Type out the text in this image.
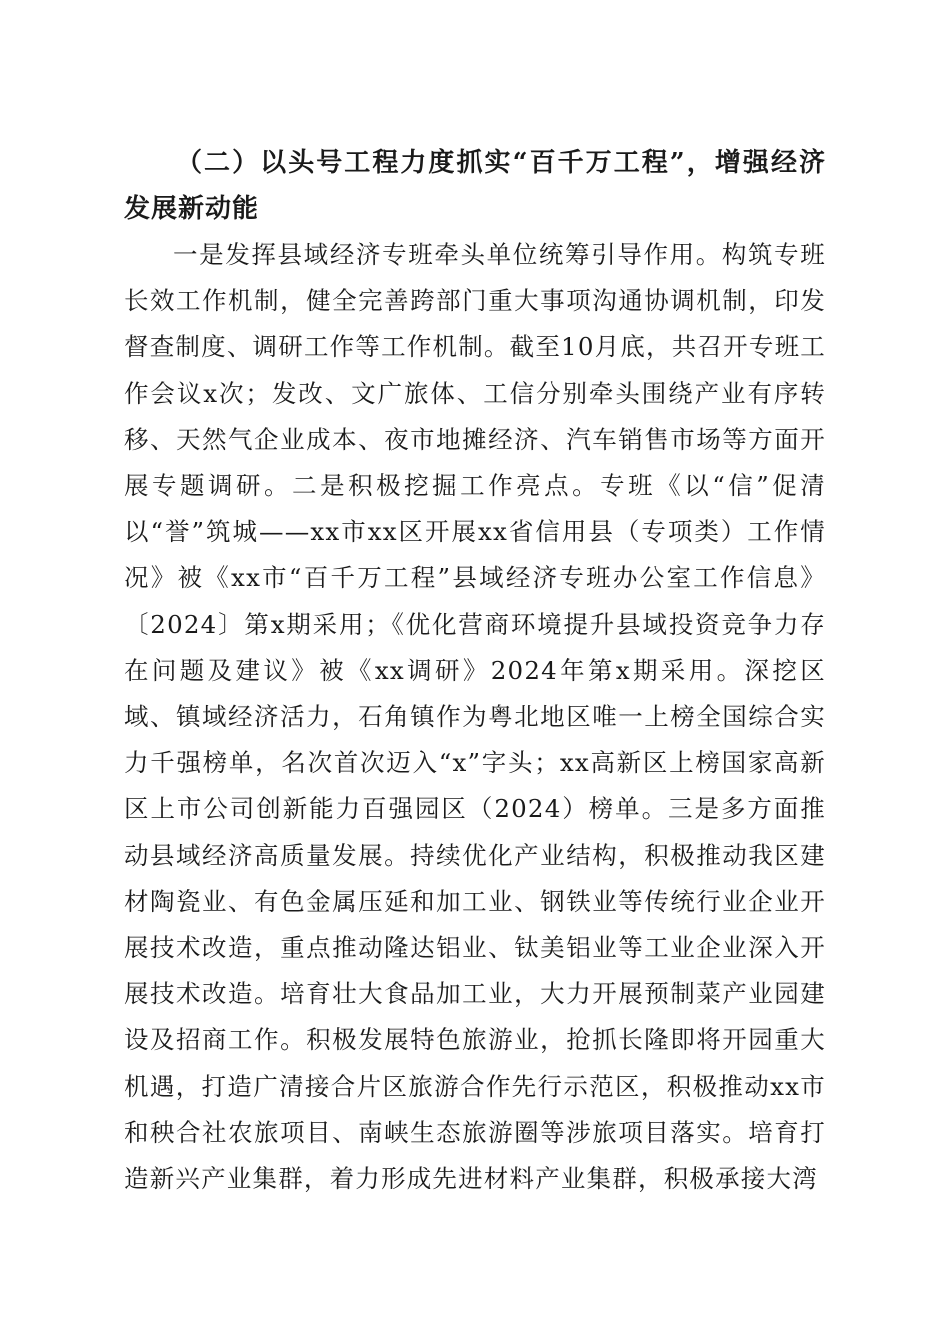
（二）以头号工程力度抓实“百千万工程”，增强经济发展新动能

一是发挥县域经济专班牵头单位统筹引导作用。构筑专班长效工作机制，健全完善跨部门重大事项沟通协调机制，印发督查制度、调研工作等工作机制。截至10月底，共召开专班工作会议x次；发改、文广旅体、工信分别牵头围绕产业有序转移、天然气企业成本、夜市地摊经济、汽车销售市场等方面开展专题调研。二是积极挖掘工作亮点。专班《以“信”促清以“誉”筑城——xx市xx区开展xx省信用县（专项类）工作情况》被《xx市“百千万工程”县域经济专班办公室工作信息》〔2024〕第x期采用；《优化营商环境提升县域投资竞争力存在问题及建议》被《xx调研》2024年第x期采用。深挖区域、镇域经济活力，石角镇作为粤北地区唯一上榜全国综合实力千强榜单，名次首次迈入“x”字头；xx高新区上榜国家高新区上市公司创新能力百强园区（2024）榜单。三是多方面推动县域经济高质量发展。持续优化产业结构，积极推动我区建材陶瓷业、有色金属压延和加工业、钢铁业等传统行业企业开展技术改造，重点推动隆达铝业、钛美铝业等工业企业深入开展技术改造。培育壮大食品加工业，大力开展预制菜产业园建设及招商工作。积极发展特色旅游业，抢抓长隆即将开园重大机遇，打造广清接合片区旅游合作先行示范区，积极推动xx市和秧合社农旅项目、南峡生态旅游圈等涉旅项目落实。培育打造新兴产业集群，着力形成先进材料产业集群，积极承接大湾
